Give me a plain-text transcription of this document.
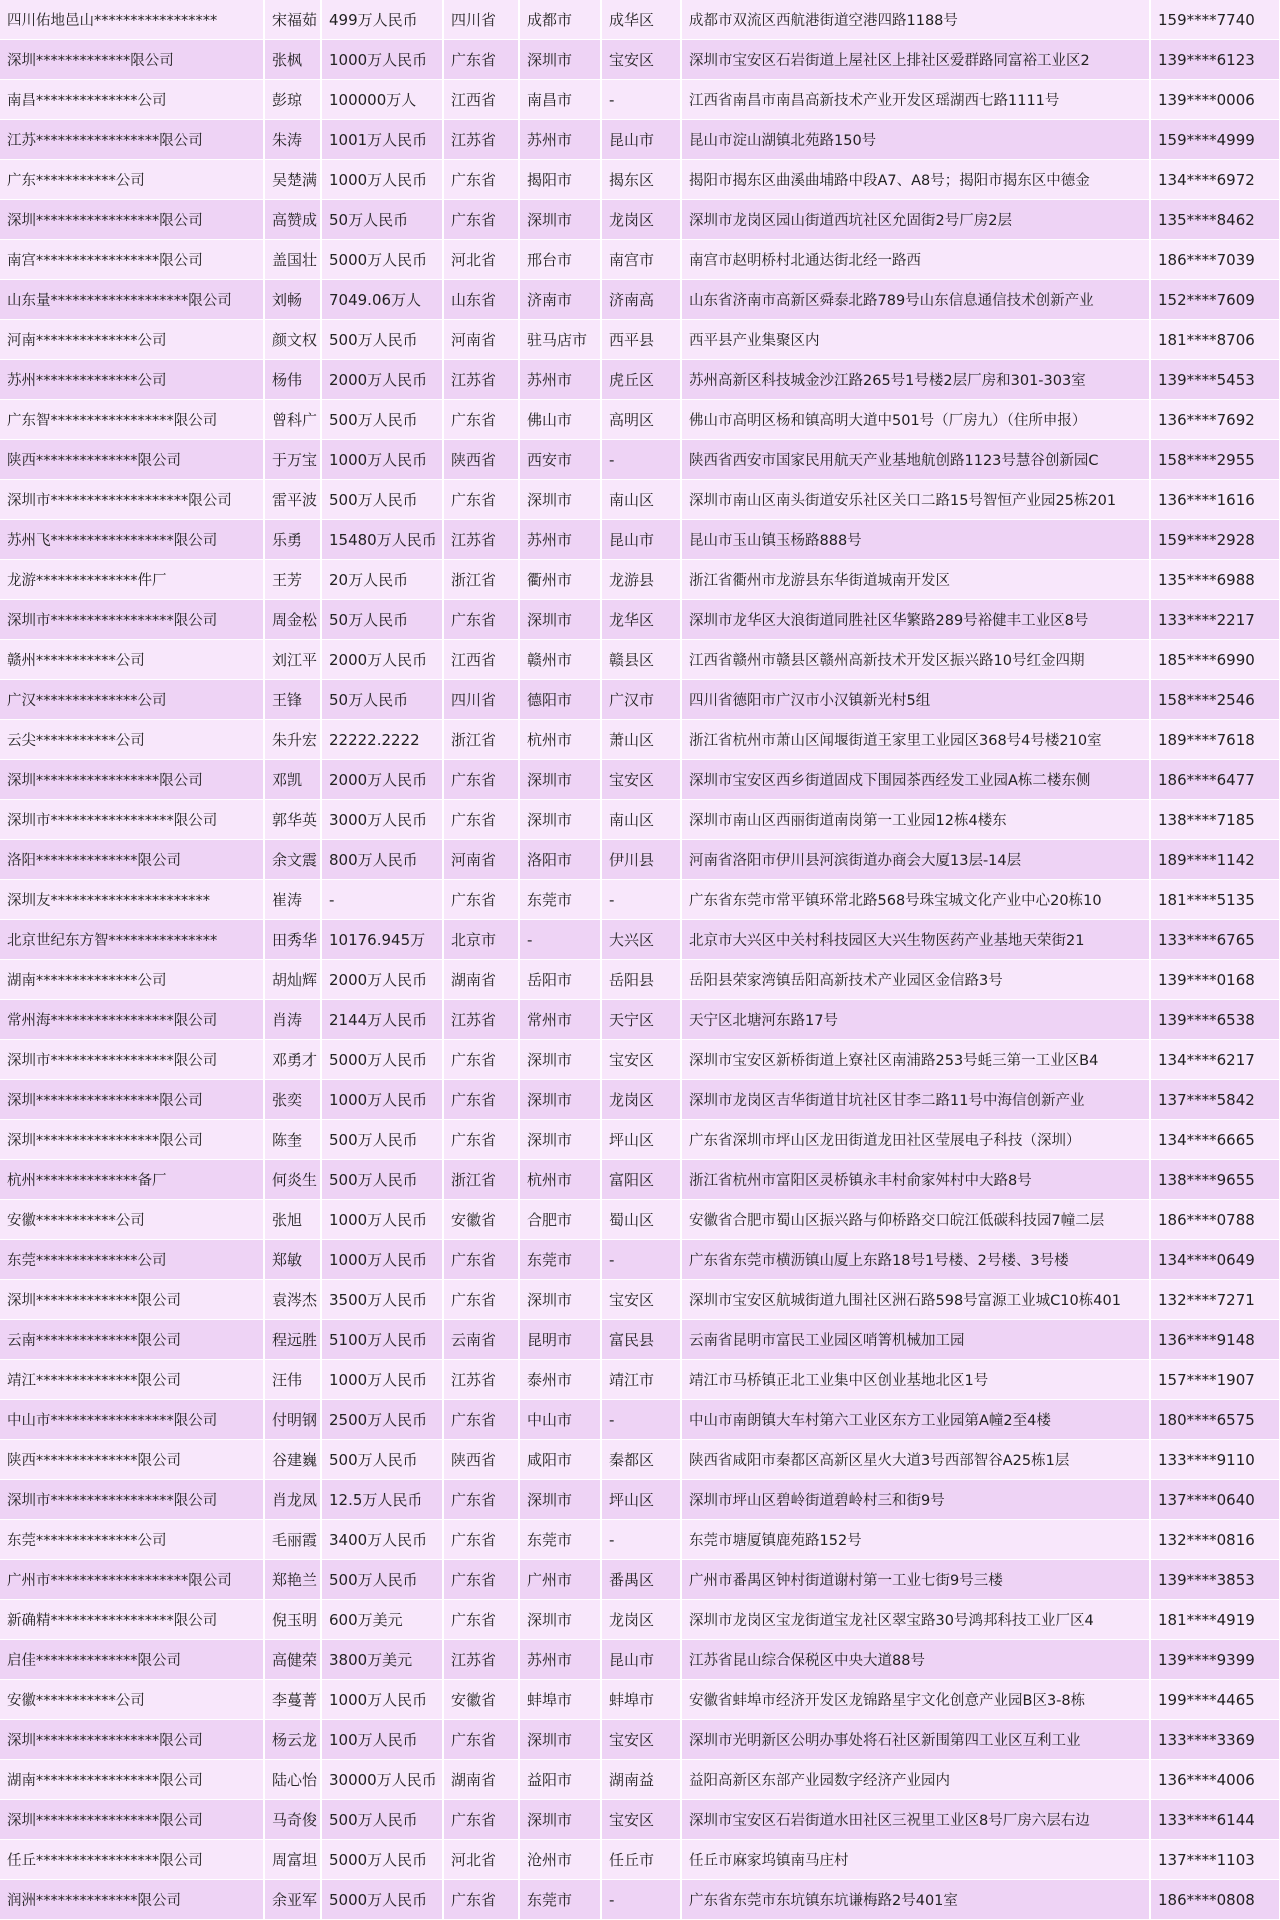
四川佑地邑山*****************	宋福茹	499万人民币	四川省	成都市	成华区	成都市双流区西航港街道空港四路1188号	159****7740
深圳*************限公司	张枫	1000万人民币	广东省	深圳市	宝安区	深圳市宝安区石岩街道上屋社区上排社区爱群路同富裕工业区2	139****6123
南昌**************公司	彭琼	100000万人	江西省	南昌市	-	江西省南昌市南昌高新技术产业开发区瑶湖西七路1111号	139****0006
江苏*****************限公司	朱涛	1001万人民币	江苏省	苏州市	昆山市	昆山市淀山湖镇北苑路150号	159****4999
广东***********公司	吴楚满	1000万人民币	广东省	揭阳市	揭东区	揭阳市揭东区曲溪曲埔路中段A7、A8号；揭阳市揭东区中德金	134****6972
深圳*****************限公司	高赞成	50万人民币	广东省	深圳市	龙岗区	深圳市龙岗区园山街道西坑社区允固街2号厂房2层	135****8462
南宫*****************限公司	盖国壮	5000万人民币	河北省	邢台市	南宫市	南宫市赵明桥村北通达街北经一路西	186****7039
山东量*******************限公司	刘畅	7049.06万人	山东省	济南市	济南高	山东省济南市高新区舜泰北路789号山东信息通信技术创新产业	152****7609
河南**************公司	颜文权	500万人民币	河南省	驻马店市	西平县	西平县产业集聚区内	181****8706
苏州**************公司	杨伟	2000万人民币	江苏省	苏州市	虎丘区	苏州高新区科技城金沙江路265号1号楼2层厂房和301-303室	139****5453
广东智*****************限公司	曾科广	500万人民币	广东省	佛山市	高明区	佛山市高明区杨和镇高明大道中501号（厂房九）（住所申报）	136****7692
陕西**************限公司	于万宝	1000万人民币	陕西省	西安市	-	陕西省西安市国家民用航天产业基地航创路1123号慧谷创新园C	158****2955
深圳市*******************限公司	雷平波	500万人民币	广东省	深圳市	南山区	深圳市南山区南头街道安乐社区关口二路15号智恒产业园25栋201	136****1616
苏州飞*****************限公司	乐勇	15480万人民币	江苏省	苏州市	昆山市	昆山市玉山镇玉杨路888号	159****2928
龙游**************件厂	王芳	20万人民币	浙江省	衢州市	龙游县	浙江省衢州市龙游县东华街道城南开发区	135****6988
深圳市*****************限公司	周金松	50万人民币	广东省	深圳市	龙华区	深圳市龙华区大浪街道同胜社区华繁路289号裕健丰工业区8号	133****2217
赣州***********公司	刘江平	2000万人民币	江西省	赣州市	赣县区	江西省赣州市赣县区赣州高新技术开发区振兴路10号红金四期	185****6990
广汉**************公司	王锋	50万人民币	四川省	德阳市	广汉市	四川省德阳市广汉市小汉镇新光村5组	158****2546
云尖***********公司	朱升宏	22222.2222	浙江省	杭州市	萧山区	浙江省杭州市萧山区闻堰街道王家里工业园区368号4号楼210室	189****7618
深圳*****************限公司	邓凯	2000万人民币	广东省	深圳市	宝安区	深圳市宝安区西乡街道固戍下围园茶西经发工业园A栋二楼东侧	186****6477
深圳市*****************限公司	郭华英	3000万人民币	广东省	深圳市	南山区	深圳市南山区西丽街道南岗第一工业园12栋4楼东	138****7185
洛阳**************限公司	余文震	800万人民币	河南省	洛阳市	伊川县	河南省洛阳市伊川县河滨街道办商会大厦13层-14层	189****1142
深圳友**********************	崔涛	-	广东省	东莞市	-	广东省东莞市常平镇环常北路568号珠宝城文化产业中心20栋10	181****5135
北京世纪东方智***************	田秀华	10176.945万	北京市	-	大兴区	北京市大兴区中关村科技园区大兴生物医药产业基地天荣街21	133****6765
湖南**************公司	胡灿辉	2000万人民币	湖南省	岳阳市	岳阳县	岳阳县荣家湾镇岳阳高新技术产业园区金信路3号	139****0168
常州海*****************限公司	肖涛	2144万人民币	江苏省	常州市	天宁区	天宁区北塘河东路17号	139****6538
深圳市*****************限公司	邓勇才	5000万人民币	广东省	深圳市	宝安区	深圳市宝安区新桥街道上寮社区南浦路253号蚝三第一工业区B4	134****6217
深圳*****************限公司	张奕	1000万人民币	广东省	深圳市	龙岗区	深圳市龙岗区吉华街道甘坑社区甘李二路11号中海信创新产业	137****5842
深圳*****************限公司	陈奎	500万人民币	广东省	深圳市	坪山区	广东省深圳市坪山区龙田街道龙田社区莹展电子科技（深圳）	134****6665
杭州**************备厂	何炎生	500万人民币	浙江省	杭州市	富阳区	浙江省杭州市富阳区灵桥镇永丰村俞家舛村中大路8号	138****9655
安徽***********公司	张旭	1000万人民币	安徽省	合肥市	蜀山区	安徽省合肥市蜀山区振兴路与仰桥路交口皖江低碳科技园7幢二层	186****0788
东莞**************公司	郑敏	1000万人民币	广东省	东莞市	-	广东省东莞市横沥镇山厦上东路18号1号楼、2号楼、3号楼	134****0649
深圳**************限公司	袁涔杰	3500万人民币	广东省	深圳市	宝安区	深圳市宝安区航城街道九围社区洲石路598号富源工业城C10栋401	132****7271
云南**************限公司	程远胜	5100万人民币	云南省	昆明市	富民县	云南省昆明市富民工业园区哨箐机械加工园	136****9148
靖江**************限公司	汪伟	1000万人民币	江苏省	泰州市	靖江市	靖江市马桥镇正北工业集中区创业基地北区1号	157****1907
中山市*****************限公司	付明钢	2500万人民币	广东省	中山市	-	中山市南朗镇大车村第六工业区东方工业园第A幢2至4楼	180****6575
陕西**************限公司	谷建巍	500万人民币	陕西省	咸阳市	秦都区	陕西省咸阳市秦都区高新区星火大道3号西部智谷A25栋1层	133****9110
深圳市*****************限公司	肖龙凤	12.5万人民币	广东省	深圳市	坪山区	深圳市坪山区碧岭街道碧岭村三和街9号	137****0640
东莞**************公司	毛丽霞	3400万人民币	广东省	东莞市	-	东莞市塘厦镇鹿苑路152号	132****0816
广州市*******************限公司	郑艳兰	500万人民币	广东省	广州市	番禺区	广州市番禺区钟村街道谢村第一工业七街9号三楼	139****3853
新确精*****************限公司	倪玉明	600万美元	广东省	深圳市	龙岗区	深圳市龙岗区宝龙街道宝龙社区翠宝路30号鸿邦科技工业厂区4	181****4919
启佳**************限公司	高健荣	3800万美元	江苏省	苏州市	昆山市	江苏省昆山综合保税区中央大道88号	139****9399
安徽***********公司	李蔓菁	1000万人民币	安徽省	蚌埠市	蚌埠市	安徽省蚌埠市经济开发区龙锦路星宇文化创意产业园B区3-8栋	199****4465
深圳*****************限公司	杨云龙	100万人民币	广东省	深圳市	宝安区	深圳市光明新区公明办事处将石社区新围第四工业区互利工业	133****3369
湖南*****************限公司	陆心怡	30000万人民币	湖南省	益阳市	湖南益	益阳高新区东部产业园数字经济产业园内	136****4006
深圳*****************限公司	马奇俊	500万人民币	广东省	深圳市	宝安区	深圳市宝安区石岩街道水田社区三祝里工业区8号厂房六层右边	133****6144
任丘*****************限公司	周富坦	5000万人民币	河北省	沧州市	任丘市	任丘市麻家坞镇南马庄村	137****1103
润洲**************限公司	余亚军	5000万人民币	广东省	东莞市	-	广东省东莞市东坑镇东坑谦梅路2号401室	186****0808
